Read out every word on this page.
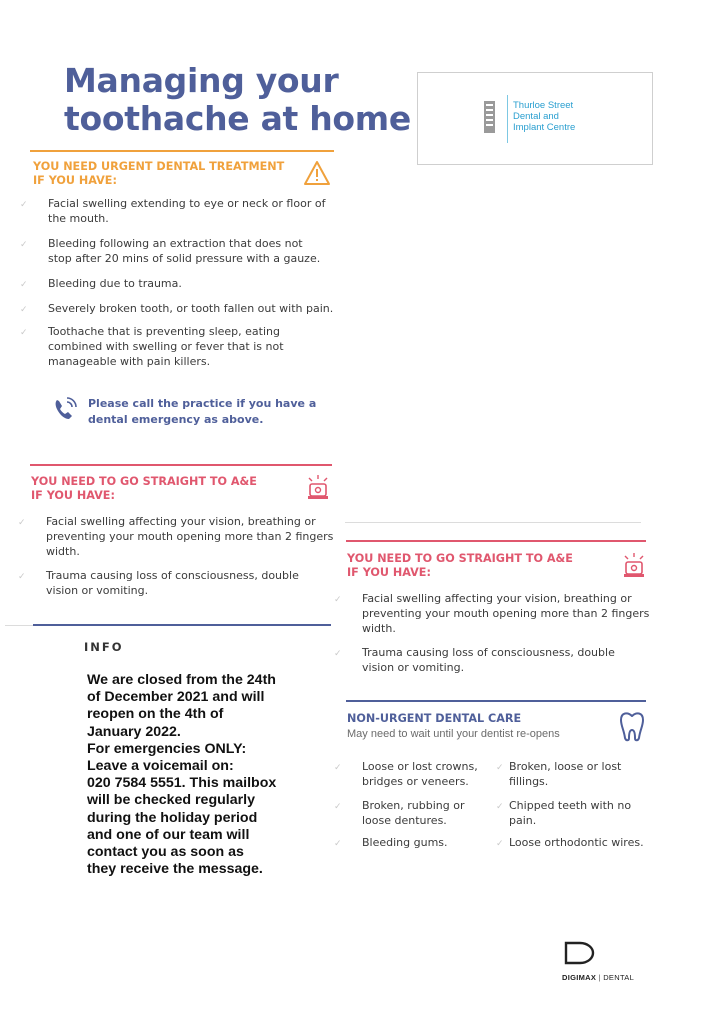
Managing your
toothache at home	Thurloe Street
Dental and
Implant Centre
YOU NEED URGENT DENTAL TREATMENT
IF YOU HAVE:
✓ Facial swelling extending to eye or neck or floor of
the mouth.
✓ Bleeding following an extraction that does not
stop after 20 mins of solid pressure with a gauze.
✓ Bleeding due to trauma.
✓ Severely broken tooth, or tooth fallen out with pain.
✓ Toothache that is preventing sleep, eating
combined with swelling or fever that is not
manageable with pain killers.
Please call the practice if you have a
dental emergency as above.
YOU NEED TO GO STRAIGHT TO A&E
IF YOU HAVE:
✓ Facial swelling affecting your vision, breathing or
preventing your mouth opening more than 2 fingers
width.
✓ Trauma causing loss of consciousness, double
vision or vomiting.
INFO
We are closed from the 24th
of December 2021 and will
reopen on the 4th of
January 2022.
For emergencies ONLY:
Leave a voicemail on:
020 7584 5551. This mailbox
will be checked regularly
during the holiday period
and one of our team will
contact you as soon as
they receive the message.
YOU NEED TO GO STRAIGHT TO A&E
IF YOU HAVE:
✓ Facial swelling affecting your vision, breathing or
preventing your mouth opening more than 2 fingers
width.
✓ Trauma causing loss of consciousness, double
vision or vomiting.
NON-URGENT DENTAL CARE
May need to wait until your dentist re-opens
✓ Loose or lost crowns,
bridges or veneers.
✓ Broken, rubbing or
loose dentures.
✓ Bleeding gums.
✓ Broken, loose or lost
fillings.
✓ Chipped teeth with no
pain.
✓ Loose orthodontic wires.
DIGIMAX | DENTAL
